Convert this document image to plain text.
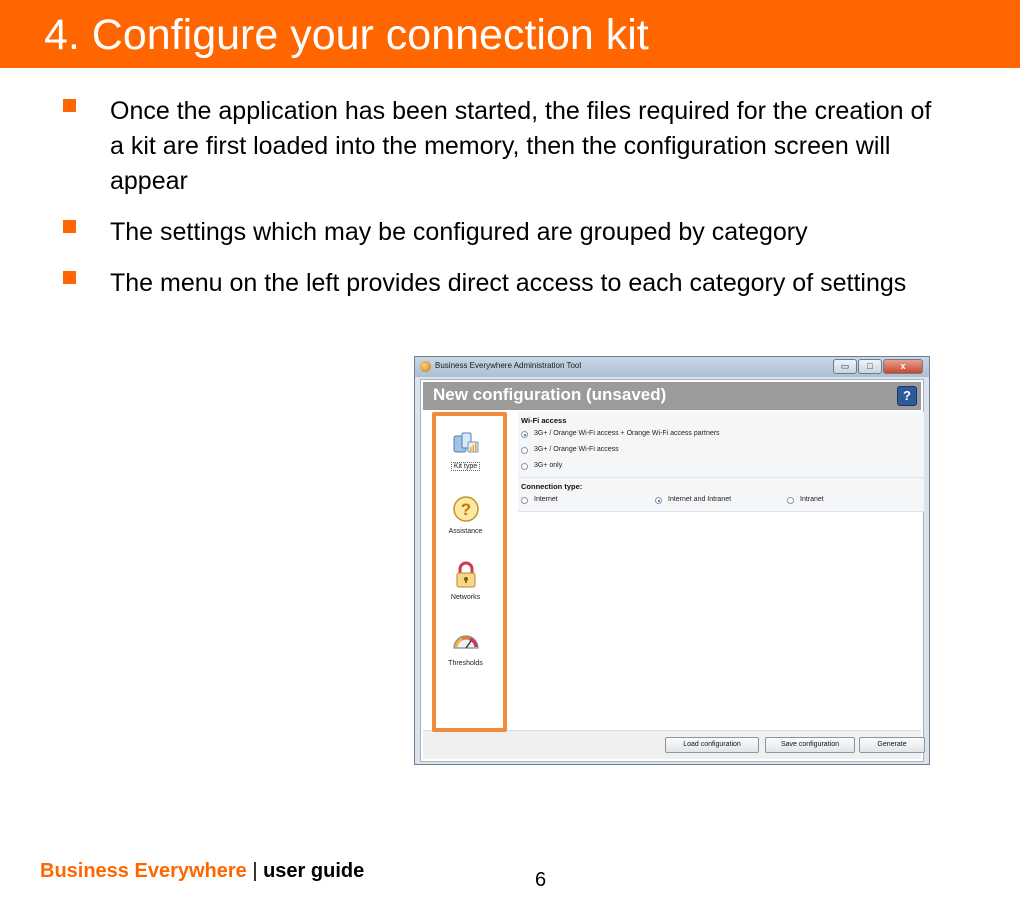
4. Configure your connection kit
Once the application has been started, the files required for the creation of a kit are first loaded into the memory, then the configuration screen will appear
The settings which may be configured are grouped by category
The menu on the left provides direct access to each category of settings
Business Everywhere Administration Tool	▭	□	x
New configuration (unsaved)	?
Kit type
?
Assistance
Networks
Thresholds
Wi-Fi access
3G+ / Orange Wi-Fi access + Orange Wi-Fi access partners
3G+ / Orange Wi-Fi access
3G+ only
Connection type:
Internet	Internet and Intranet	Intranet
Load configuration	Save configuration	Generate
Business Everywhere | user guide	6
